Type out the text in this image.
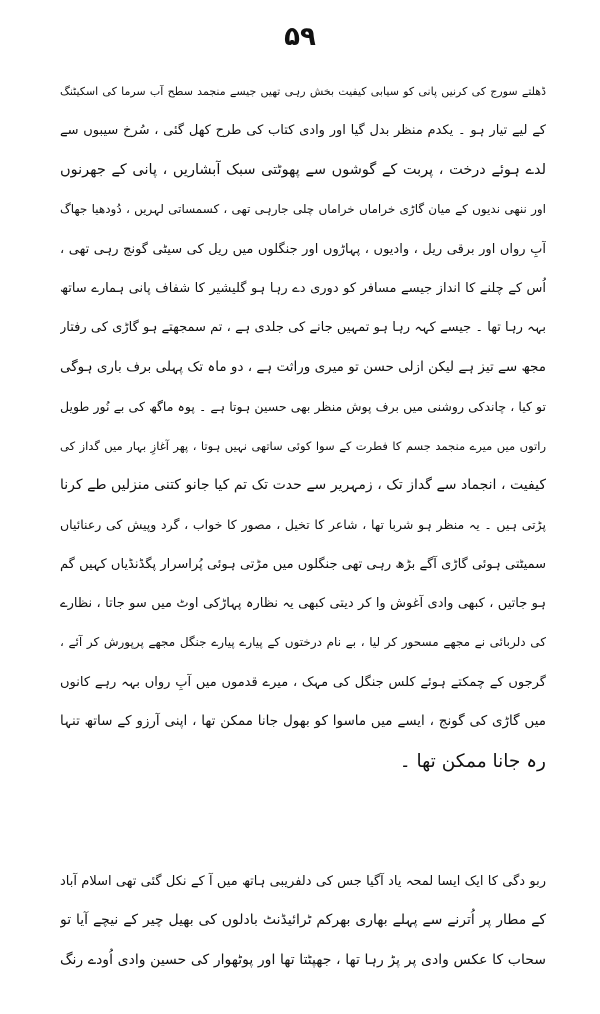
۵۹
ڈھلتے سورج کی کرنیں پانی کو سیابی کیفیت بخش رہی تھیں جیسے منجمد سطح آب سرما کی اسکیٹنگ
کے لیے تیار ہو ۔ یکدم منظر بدل گیا اور وادی کتاب کی طرح کھل گئی ، سُرخ سیبوں سے
لدے ہوئے درخت ، پربت کے گوشوں سے پھوٹتی سبک آبشاریں ، پانی کے جھرنوں
اور ننھی ندیوں کے میان گاڑی خراماں خراماں چلی جارہی تھی ، کسمساتی لہریں ، دُودھیا جھاگ
آبِ رواں اور برقی ریل ، وادیوں ، پہاڑوں اور جنگلوں میں ریل کی سیٹی گونج رہی تھی ،
اُس کے چلنے کا انداز جیسے مسافر کو دوری دے رہا ہو گلیشیر کا شفاف پانی ہمارے ساتھ
بہہ رہا تھا ۔ جیسے کہہ رہا ہو تمہیں جانے کی جلدی ہے ، تم سمجھتے ہو گاڑی کی رفتار
مجھ سے تیز ہے لیکن ازلی حسن تو میری وراثت ہے ، دو ماہ تک پہلی برف باری ہوگی
تو کیا ، چاندکی روشنی میں برف پوش منظر بھی حسین ہوتا ہے ۔ پوہ ماگھ کی بے نُور طویل
راتوں میں میرے منجمد جسم کا فطرت کے سوا کوئی ساتھی نہیں ہوتا ، پھر آغازِ بہار میں گداز کی
کیفیت ، انجماد سے گداز تک ، زمہریر سے حدت تک تم کیا جانو کتنی منزلیں طے کرنا
پڑتی ہیں ۔ یہ منظر ہو شربا تھا ، شاعر کا تخیل ، مصور کا خواب ، گرد وپیش کی رعنائیاں
سمیٹتی ہوئی گاڑی آگے بڑھ رہی تھی جنگلوں میں مڑتی ہوئی پُراسرار پگڈنڈیاں کہیں گم
ہو جاتیں ، کبھی وادی آغوش وا کر دیتی کبھی یہ نظارہ پہاڑکی اوٹ میں سو جاتا ، نظارے
کی دلربائی نے مجھے مسحور کر لیا ، بے نام درختوں کے پیارے پیارے جنگل مجھے پرپورش کر آئے ،
گرجوں کے چمکتے ہوئے کلس جنگل کی مہک ، میرے قدموں میں آبِ رواں بہہ رہے کانوں
میں گاڑی کی گونج ، ایسے میں ماسوا کو بھول جانا ممکن تھا ، اپنی آرزو کے ساتھ تنہا
رہ جانا ممکن تھا ۔
ربو دگی کا ایک ایسا لمحہ یاد آگیا جس کی دلفریبی ہاتھ میں آ کے نکل گئی تھی اسلام آباد
کے مطار پر اُترنے سے پہلے بھاری بھرکم ٹرائیڈنٹ بادلوں کی بھیل چیر کے نیچے آیا تو
سحاب کا عکس وادی پر پڑ رہا تھا ، جھپٹتا تھا اور پوٹھوار کی حسین وادی اُودے رنگ
